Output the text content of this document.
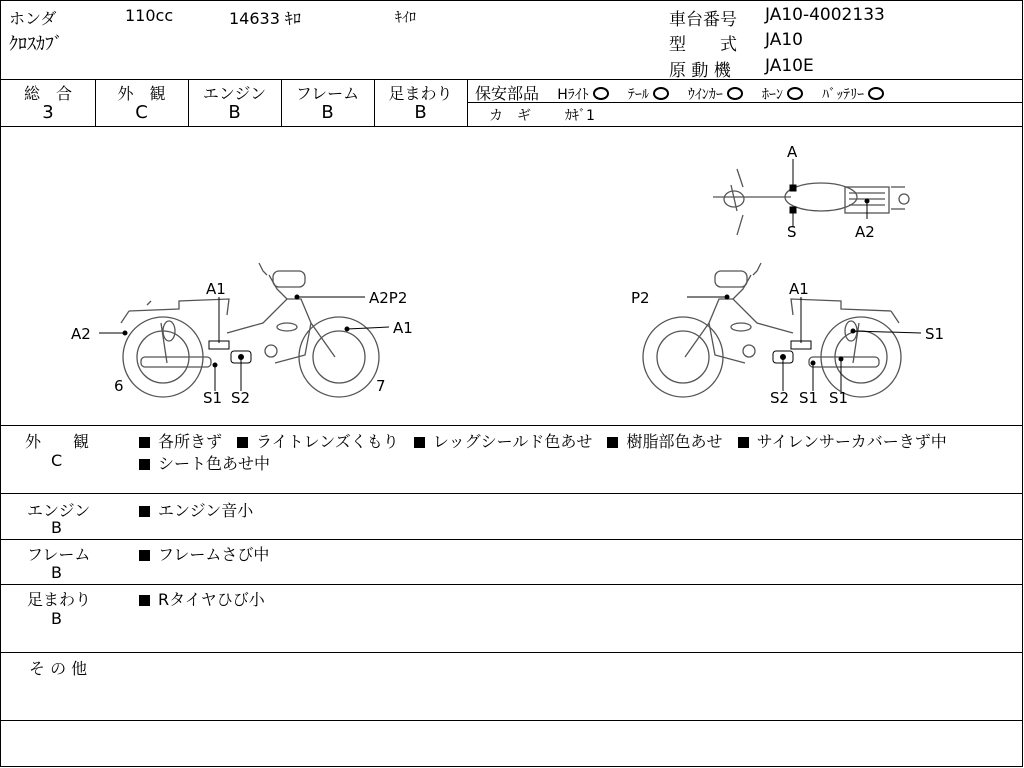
ホンダ	110cc	14633 ｷﾛ	ｷｲﾛ
ｸﾛｽｶﾌﾞ
車台番号 JA10-4002133
型　　式 JA10
原 動 機 JA10E
総　合
3
外　観
C
エンジン
B
フレーム
B
足まわり
B
保安部品 Hﾗｲﾄ	ﾃｰﾙ	ｳｲﾝｶｰ	ﾎｰﾝ	ﾊﾞｯﾃﾘｰ
カ　ギ ｶｷﾞ1
A
S	A2
A1	A2P2
A2	A1
6
S1 S2
7
P2	A1
S1
S2 S1 S1
外　　観
C
各所きず ライトレンズくもり レッグシールド色あせ 樹脂部色あせ サイレンサーカバーきず中
シート色あせ中
エンジン
B
エンジン音小
フレーム
B
フレームさび中
足まわり
B
Rタイヤひび小
そ の 他
